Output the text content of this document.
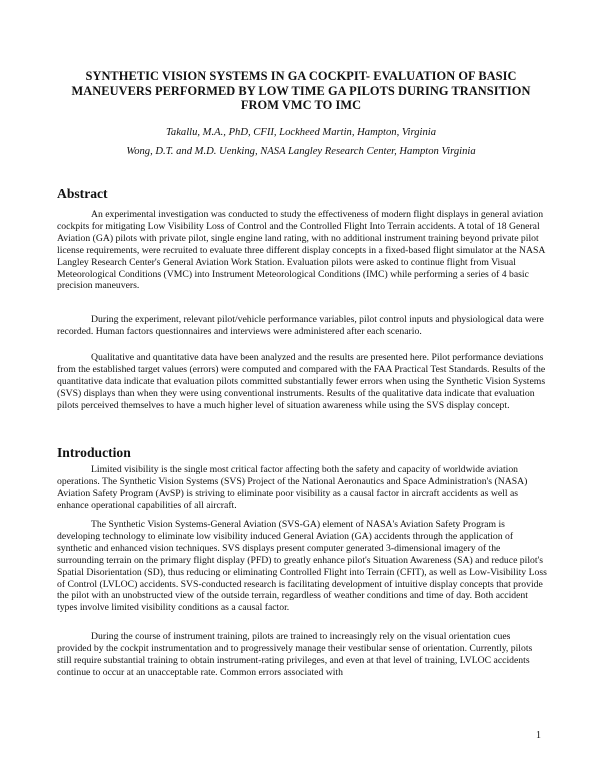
SYNTHETIC VISION SYSTEMS IN GA COCKPIT- EVALUATION OF BASIC MANEUVERS PERFORMED BY LOW TIME GA PILOTS DURING TRANSITION FROM VMC TO IMC

Takallu, M.A., PhD, CFII, Lockheed Martin, Hampton, Virginia

Wong, D.T. and M.D. Uenking, NASA Langley Research Center, Hampton Virginia

Abstract

An experimental investigation was conducted to study the effectiveness of modern flight displays in general aviation cockpits for mitigating Low Visibility Loss of Control and the Controlled Flight Into Terrain accidents. A total of 18 General Aviation (GA) pilots with private pilot, single engine land rating, with no additional instrument training beyond private pilot license requirements, were recruited to evaluate three different display concepts in a fixed-based flight simulator at the NASA Langley Research Center's General Aviation Work Station. Evaluation pilots were asked to continue flight from Visual Meteorological Conditions (VMC) into Instrument Meteorological Conditions (IMC) while performing a series of 4 basic precision maneuvers.

During the experiment, relevant pilot/vehicle performance variables, pilot control inputs and physiological data were recorded. Human factors questionnaires and interviews were administered after each scenario.

Qualitative and quantitative data have been analyzed and the results are presented here. Pilot performance deviations from the established target values (errors) were computed and compared with the FAA Practical Test Standards. Results of the quantitative data indicate that evaluation pilots committed substantially fewer errors when using the Synthetic Vision Systems (SVS) displays than when they were using conventional instruments. Results of the qualitative data indicate that evaluation pilots perceived themselves to have a much higher level of situation awareness while using the SVS display concept.

Introduction

Limited visibility is the single most critical factor affecting both the safety and capacity of worldwide aviation operations. The Synthetic Vision Systems (SVS) Project of the National Aeronautics and Space Administration's (NASA) Aviation Safety Program (AvSP) is striving to eliminate poor visibility as a causal factor in aircraft accidents as well as enhance operational capabilities of all aircraft.

The Synthetic Vision Systems-General Aviation (SVS-GA) element of NASA's Aviation Safety Program is developing technology to eliminate low visibility induced General Aviation (GA) accidents through the application of synthetic and enhanced vision techniques. SVS displays present computer generated 3-dimensional imagery of the surrounding terrain on the primary flight display (PFD) to greatly enhance pilot's Situation Awareness (SA) and reduce pilot's Spatial Disorientation (SD), thus reducing or eliminating Controlled Flight into Terrain (CFIT), as well as Low-Visibility Loss of Control (LVLOC) accidents. SVS-conducted research is facilitating development of intuitive display concepts that provide the pilot with an unobstructed view of the outside terrain, regardless of weather conditions and time of day. Both accident types involve limited visibility conditions as a causal factor.

During the course of instrument training, pilots are trained to increasingly rely on the visual orientation cues provided by the cockpit instrumentation and to progressively manage their vestibular sense of orientation. Currently, pilots still require substantial training to obtain instrument-rating privileges, and even at that level of training, LVLOC accidents continue to occur at an unacceptable rate. Common errors associated with

1
